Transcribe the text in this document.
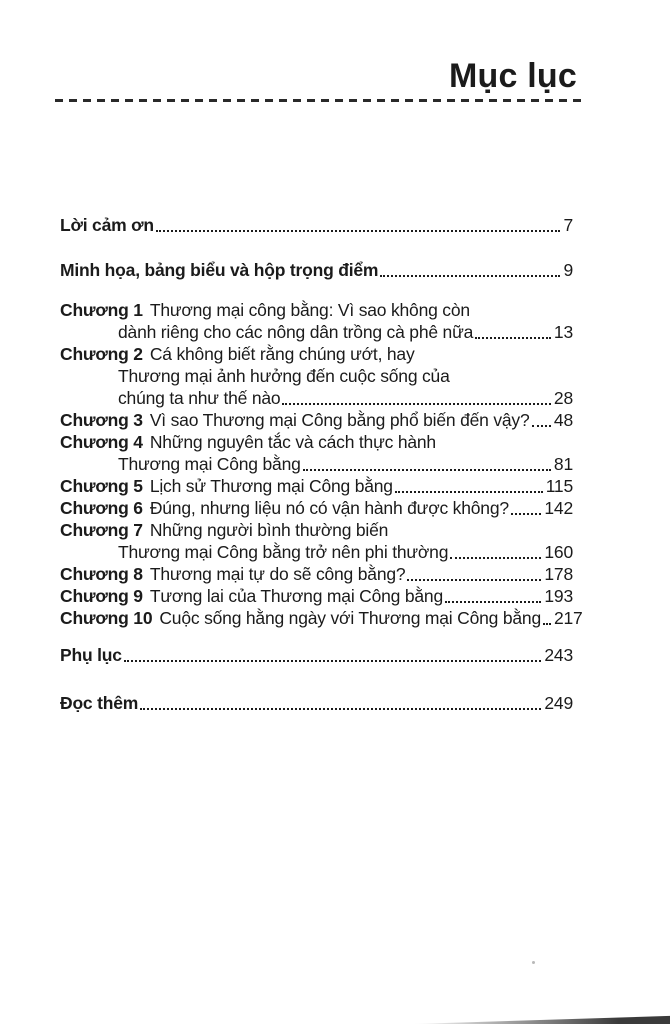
Mục lục
Lời cảm ơn	7
Minh họa, bảng biểu và hộp trọng điểm	9
Chương 1 Thương mại công bằng: Vì sao không còn
dành riêng cho các nông dân trồng cà phê nữa	13
Chương 2 Cá không biết rằng chúng ướt, hay
Thương mại ảnh hưởng đến cuộc sống của
chúng ta như thế nào	28
Chương 3 Vì sao Thương mại Công bằng phổ biến đến vậy? 48
Chương 4 Những nguyên tắc và cách thực hành
Thương mại Công bằng	81
Chương 5 Lịch sử Thương mại Công bằng	115
Chương 6 Đúng, nhưng liệu nó có vận hành được không? 142
Chương 7 Những người bình thường biến
Thương mại Công bằng trở nên phi thường	160
Chương 8 Thương mại tự do sẽ công bằng?	178
Chương 9 Tương lai của Thương mại Công bằng	193
Chương 10 Cuộc sống hằng ngày với Thương mại Công bằng 217
Phụ lục	243
Đọc thêm	249
